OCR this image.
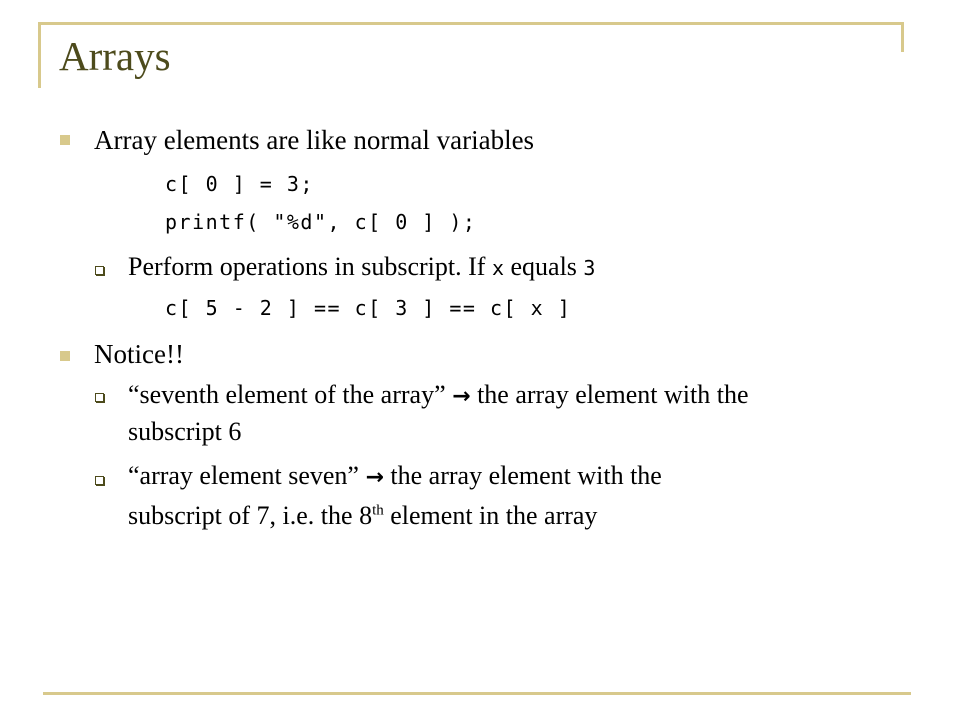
Arrays
Array elements are like normal variables
c[ 0 ] = 3;
printf( "%d", c[ 0 ] );
Perform operations in subscript. If x equals 3
c[ 5 - 2 ] == c[ 3 ] == c[ x ]
Notice!!
“seventh element of the array” → the array element with the
subscript 6
“array element seven” → the array element with the
subscript of 7, i.e. the 8th element in the array
